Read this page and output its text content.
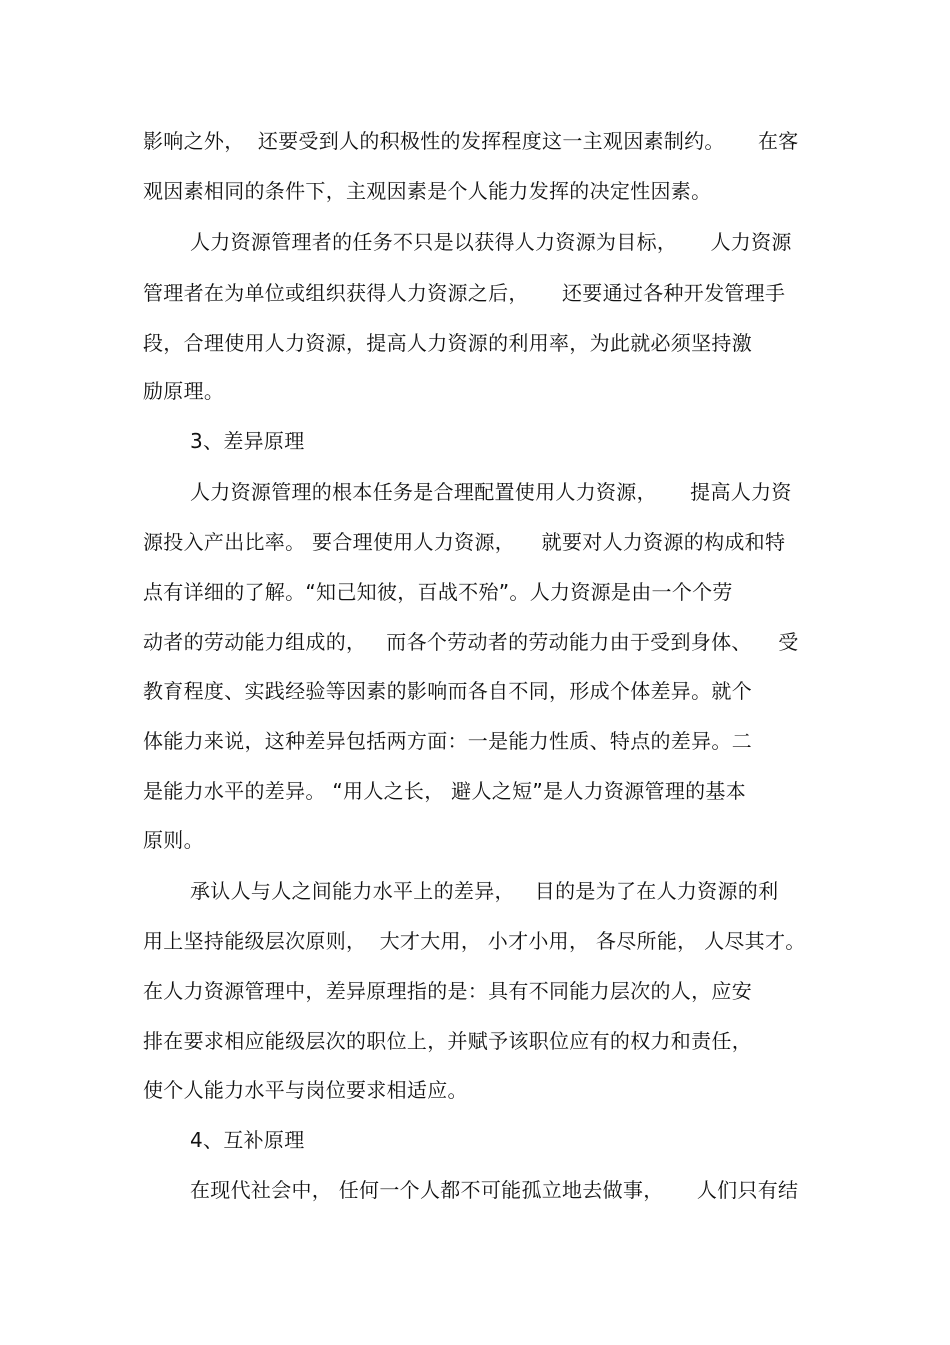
影响之外，  还要受到人的积极性的发挥程度这一主观因素制约。     在客
观因素相同的条件下，主观因素是个人能力发挥的决定性因素。
人力资源管理者的任务不只是以获得人力资源为目标，     人力资源
管理者在为单位或组织获得人力资源之后，     还要通过各种开发管理手
段，合理使用人力资源，提高人力资源的利用率，为此就必须坚持激
励原理。
3、差异原理
人力资源管理的根本任务是合理配置使用人力资源，     提高人力资
源投入产出比率。 要合理使用人力资源，    就要对人力资源的构成和特
点有详细的了解。“知己知彼，百战不殆”。人力资源是由一个个劳
动者的劳动能力组成的，   而各个劳动者的劳动能力由于受到身体、    受
教育程度、实践经验等因素的影响而各自不同，形成个体差异。就个
体能力来说，这种差异包括两方面：一是能力性质、特点的差异。二
是能力水平的差异。 “用人之长， 避人之短”是人力资源管理的基本
原则。
承认人与人之间能力水平上的差异，   目的是为了在人力资源的利
用上坚持能级层次原则，  大才大用， 小才小用， 各尽所能， 人尽其才。
在人力资源管理中，差异原理指的是：具有不同能力层次的人，应安
排在要求相应能级层次的职位上，并赋予该职位应有的权力和责任，
使个人能力水平与岗位要求相适应。
4、互补原理
在现代社会中， 任何一个人都不可能孤立地去做事，     人们只有结
